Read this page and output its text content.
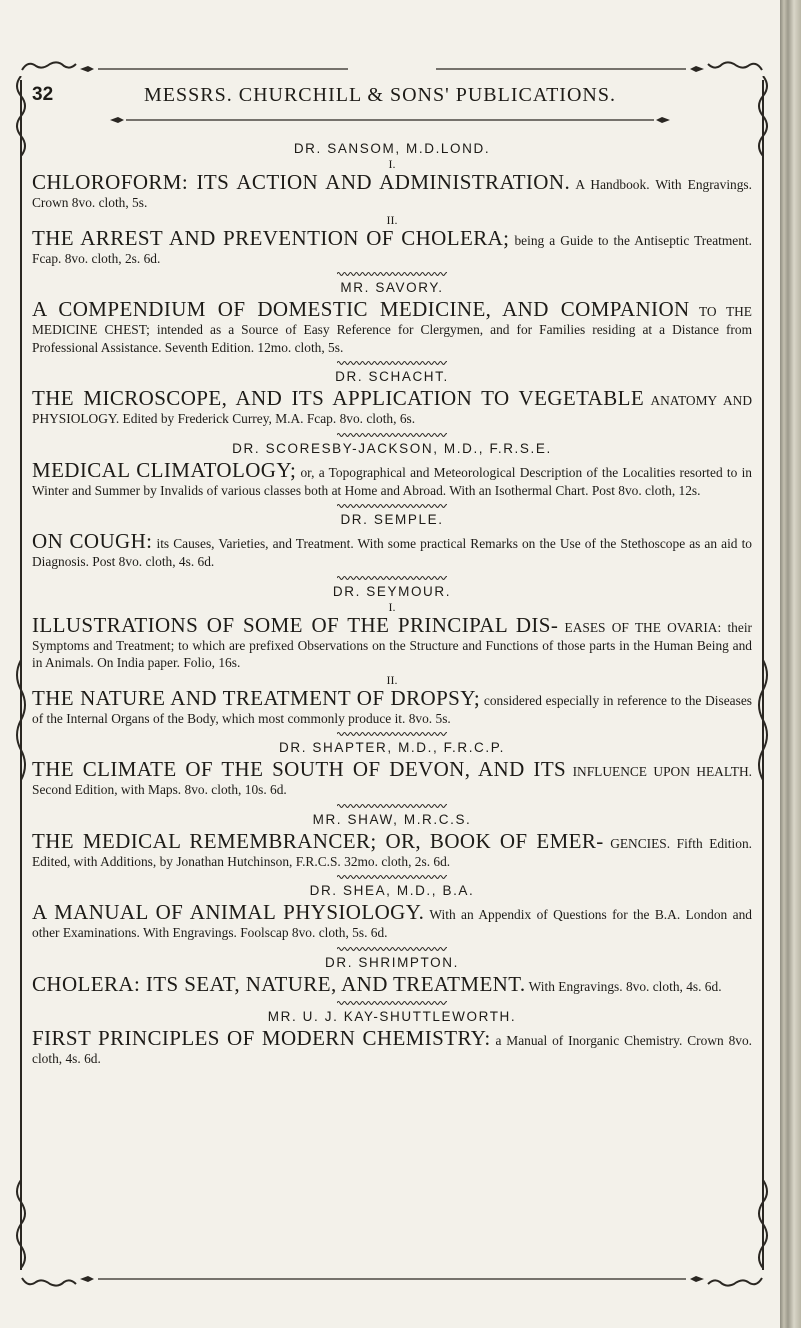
32	MESSRS. CHURCHILL & SONS' PUBLICATIONS.
DR. SANSOM, M.D.LOND.
I.

CHLOROFORM: ITS ACTION AND ADMINISTRATION. A Handbook. With Engravings. Crown 8vo. cloth, 5s.

II.

THE ARREST AND PREVENTION OF CHOLERA; being a Guide to the Antiseptic Treatment. Fcap. 8vo. cloth, 2s. 6d.

MR. SAVORY.

A COMPENDIUM OF DOMESTIC MEDICINE, AND COMPANION TO THE MEDICINE CHEST; intended as a Source of Easy Reference for Clergymen, and for Families residing at a Distance from Professional Assistance. Seventh Edition. 12mo. cloth, 5s.

DR. SCHACHT.

THE MICROSCOPE, AND ITS APPLICATION TO VEGETABLE ANATOMY AND PHYSIOLOGY. Edited by Frederick Currey, M.A. Fcap. 8vo. cloth, 6s.

DR. SCORESBY-JACKSON, M.D., F.R.S.E.

MEDICAL CLIMATOLOGY; or, a Topographical and Meteorological Description of the Localities resorted to in Winter and Summer by Invalids of various classes both at Home and Abroad. With an Isothermal Chart. Post 8vo. cloth, 12s.

DR. SEMPLE.

ON COUGH: its Causes, Varieties, and Treatment. With some practical Remarks on the Use of the Stethoscope as an aid to Diagnosis. Post 8vo. cloth, 4s. 6d.

DR. SEYMOUR.
I.

ILLUSTRATIONS OF SOME OF THE PRINCIPAL DIS- EASES OF THE OVARIA: their Symptoms and Treatment; to which are prefixed Observations on the Structure and Functions of those parts in the Human Being and in Animals. On India paper. Folio, 16s.

II.

THE NATURE AND TREATMENT OF DROPSY; considered especially in reference to the Diseases of the Internal Organs of the Body, which most commonly produce it. 8vo. 5s.

DR. SHAPTER, M.D., F.R.C.P.

THE CLIMATE OF THE SOUTH OF DEVON, AND ITS INFLUENCE UPON HEALTH. Second Edition, with Maps. 8vo. cloth, 10s. 6d.

MR. SHAW, M.R.C.S.

THE MEDICAL REMEMBRANCER; OR, BOOK OF EMER- GENCIES. Fifth Edition. Edited, with Additions, by Jonathan Hutchinson, F.R.C.S. 32mo. cloth, 2s. 6d.

DR. SHEA, M.D., B.A.

A MANUAL OF ANIMAL PHYSIOLOGY. With an Appendix of Questions for the B.A. London and other Examinations. With Engravings. Foolscap 8vo. cloth, 5s. 6d.

DR. SHRIMPTON.

CHOLERA: ITS SEAT, NATURE, AND TREATMENT. With Engravings. 8vo. cloth, 4s. 6d.

MR. U. J. KAY-SHUTTLEWORTH.

FIRST PRINCIPLES OF MODERN CHEMISTRY: a Manual of Inorganic Chemistry. Crown 8vo. cloth, 4s. 6d.
